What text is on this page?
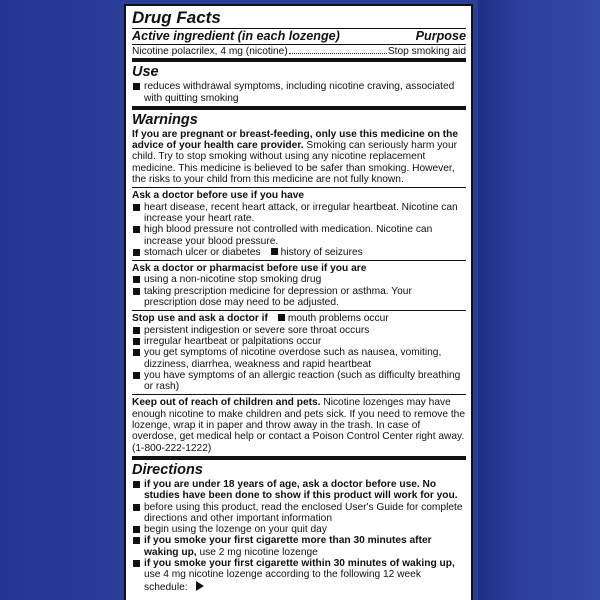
Drug Facts
Active ingredient (in each lozenge)	Purpose
Nicotine polacrilex, 4 mg (nicotine)	Stop smoking aid
Use
reduces withdrawal symptoms, including nicotine craving, associated with quitting smoking
Warnings
If you are pregnant or breast-feeding, only use this medicine on the advice of your health care provider. Smoking can seriously harm your child. Try to stop smoking without using any nicotine replacement medicine. This medicine is believed to be safer than smoking. However, the risks to your child from this medicine are not fully known.
Ask a doctor before use if you have
heart disease, recent heart attack, or irregular heartbeat. Nicotine can increase your heart rate.
high blood pressure not controlled with medication. Nicotine can increase your blood pressure.
stomach ulcer or diabetes history of seizures
Ask a doctor or pharmacist before use if you are
using a non-nicotine stop smoking drug
taking prescription medicine for depression or asthma. Your prescription dose may need to be adjusted.
Stop use and ask a doctor if mouth problems occur
persistent indigestion or severe sore throat occurs
irregular heartbeat or palpitations occur
you get symptoms of nicotine overdose such as nausea, vomiting, dizziness, diarrhea, weakness and rapid heartbeat
you have symptoms of an allergic reaction (such as difficulty breathing or rash)
Keep out of reach of children and pets. Nicotine lozenges may have enough nicotine to make children and pets sick. If you need to remove the lozenge, wrap it in paper and throw away in the trash. In case of overdose, get medical help or contact a Poison Control Center right away. (1-800-222-1222)
Directions
if you are under 18 years of age, ask a doctor before use. No studies have been done to show if this product will work for you.
before using this product, read the enclosed User's Guide for complete directions and other important information
begin using the lozenge on your quit day
if you smoke your first cigarette more than 30 minutes after waking up, use 2 mg nicotine lozenge
if you smoke your first cigarette within 30 minutes of waking up, use 4 mg nicotine lozenge according to the following 12 week schedule:
